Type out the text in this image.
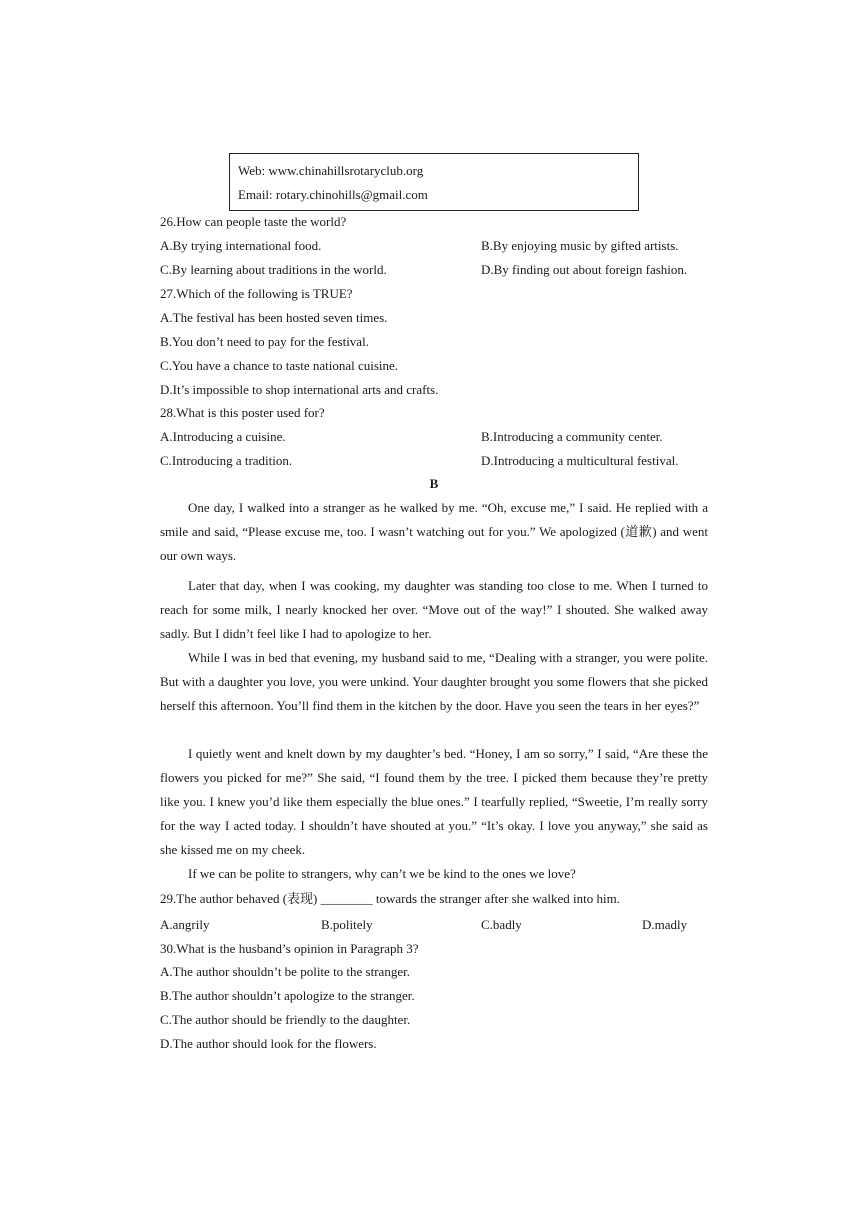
Web: www.chinahillsrotaryclub.org
Email: rotary.chinohills@gmail.com
26.How can people taste the world?
A.By trying international food.	B.By enjoying music by gifted artists.
C.By learning about traditions in the world.	D.By finding out about foreign fashion.
27.Which of the following is TRUE?
A.The festival has been hosted seven times.
B.You don’t need to pay for the festival.
C.You have a chance to taste national cuisine.
D.It’s impossible to shop international arts and crafts.
28.What is this poster used for?
A.Introducing a cuisine.	B.Introducing a community center.
C.Introducing a tradition.	D.Introducing a multicultural festival.
B
One day, I walked into a stranger as he walked by me. “Oh, excuse me,” I said. He replied with a smile and said, “Please excuse me, too. I wasn’t watching out for you.” We apologized (道歉) and went our own ways.
Later that day, when I was cooking, my daughter was standing too close to me. When I turned to reach for some milk, I nearly knocked her over. “Move out of the way!” I shouted. She walked away sadly. But I didn’t feel like I had to apologize to her.
While I was in bed that evening, my husband said to me, “Dealing with a stranger, you were polite. But with a daughter you love, you were unkind. Your daughter brought you some flowers that she picked herself this afternoon. You’ll find them in the kitchen by the door. Have you seen the tears in her eyes?”
I quietly went and knelt down by my daughter’s bed. “Honey, I am so sorry,” I said, “Are these the flowers you picked for me?” She said, “I found them by the tree. I picked them because they’re pretty like you. I knew you’d like them especially the blue ones.” I tearfully replied, “Sweetie, I’m really sorry for the way I acted today. I shouldn’t have shouted at you.” “It’s okay. I love you anyway,” she said as she kissed me on my cheek.
If we can be polite to strangers, why can’t we be kind to the ones we love?
29.The author behaved (表现) ________ towards the stranger after she walked into him.
A.angrily	B.politely	C.badly	D.madly
30.What is the husband’s opinion in Paragraph 3?
A.The author shouldn’t be polite to the stranger.
B.The author shouldn’t apologize to the stranger.
C.The author should be friendly to the daughter.
D.The author should look for the flowers.
